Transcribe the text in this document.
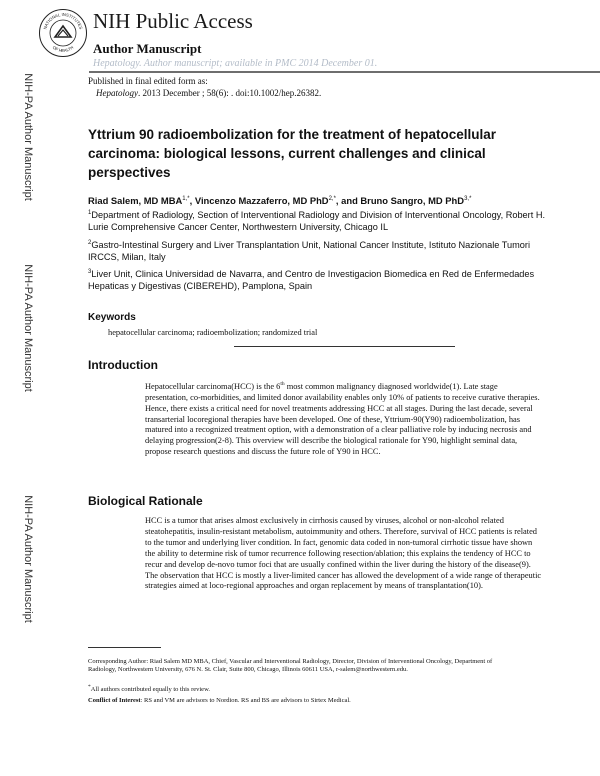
NATIONAL INSTITUTES
OF HEALTH
NIH Public Access
Author Manuscript
Hepatology. Author manuscript; available in PMC 2014 December 01.
Published in final edited form as:
Hepatology. 2013 December ; 58(6): . doi:10.1002/hep.26382.
NIH-PA Author Manuscript
NIH-PA Author Manuscript
NIH-PA Author Manuscript
Yttrium 90 radioembolization for the treatment of hepatocellular carcinoma: biological lessons, current challenges and clinical perspectives
Riad Salem, MD $MBA^{1,*}$, Vincenzo Mazzaferro, MD PhD$^{2,*}$, and Bruno Sangro, MD PhD$^{3,*}$
$^1$Department of Radiology, Section of Interventional Radiology and Division of Interventional Oncology, Robert H. Lurie Comprehensive Cancer Center, Northwestern University, Chicago IL
$^2$Gastro-Intestinal Surgery and Liver Transplantation Unit, National Cancer Institute, Istituto Nazionale Tumori IRCCS, Milan, Italy
$^3$Liver Unit, Clinica Universidad de Navarra, and Centro de Investigacion Biomedica en Red de Enfermedades Hepaticas y Digestivas (CIBEREHD), Pamplona, Spain
Keywords
hepatocellular carcinoma; radioembolization; randomized trial
Introduction
Hepatocellular carcinoma(HCC) is the 6th most common malignancy diagnosed worldwide(1). Late stage presentation, co-morbidities, and limited donor availability enables only 10% of patients to receive curative therapies. Hence, there exists a critical need for novel treatments addressing HCC at all stages. During the last decade, several transarterial locoregional therapies have been developed. One of these, Yttrium-90(Y90) radioembolization, has matured into a recognized treatment option, with a demonstration of a clear palliative role by inducing necrosis and delaying progression(2-8). This overview will describe the biological rationale for Y90, highlight seminal data, propose research questions and discuss the future role of Y90 in HCC.
Biological Rationale
HCC is a tumor that arises almost exclusively in cirrhosis caused by viruses, alcohol or non-alcohol related steatohepatitis, insulin-resistant metabolism, autoimmunity and others. Therefore, survival of HCC patients is related to the tumor and underlying liver condition. In fact, genomic data coded in non-tumoral cirrhotic tissue have shown the ability to determine risk of tumor recurrence following resection/ablation; this explains the tendency of HCC to recur and develop de-novo tumor foci that are usually confined within the liver during the history of the disease(9). The observation that HCC is mostly a liver-limited cancer has allowed the development of a wide range of therapeutic strategies aimed at loco-regional approaches and organ replacement by means of transplantation(10).
Corresponding Author: Riad Salem MD MBA, Chief, Vascular and Interventional Radiology, Director, Division of Interventional Oncology, Department of Radiology, Northwestern University, 676 N. St. Clair, Suite 800, Chicago, Illinois 60611 USA, r-salem@northwestern.edu.
*All authors contributed equally to this review.
Conflict of Interest: RS and VM are advisors to Nordion. RS and BS are advisors to Sirtex Medical.
